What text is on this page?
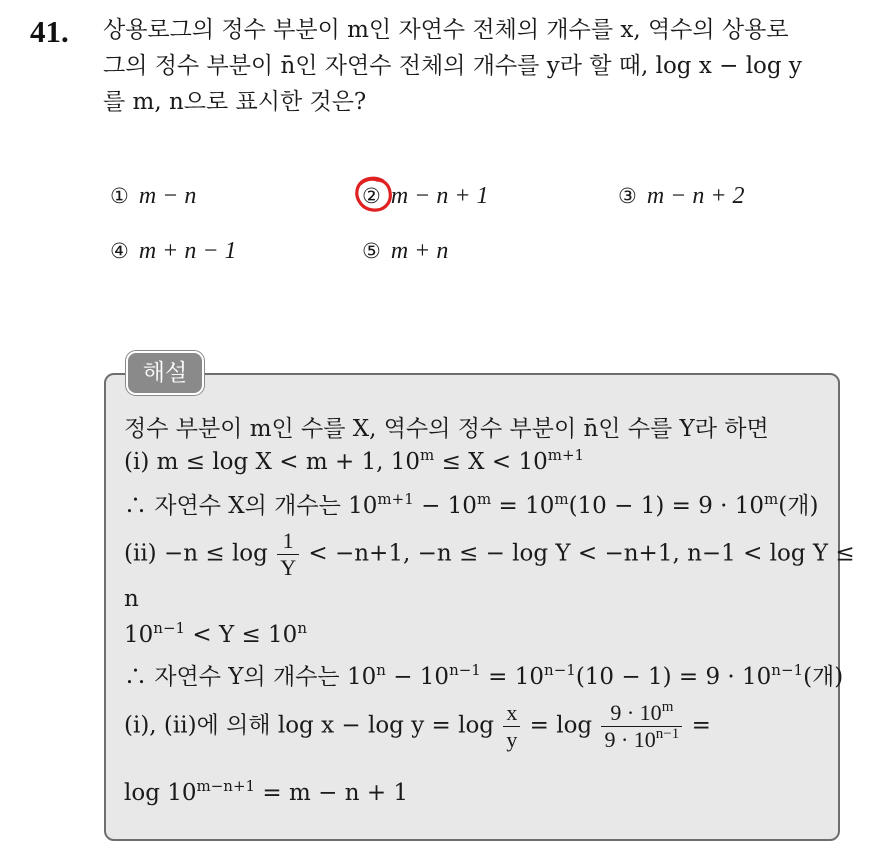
41. 상용로그의 정수 부분이 m인 자연수 전체의 개수를 x, 역수의 상용로
그의 정수 부분이 n̄인 자연수 전체의 개수를 y라 할 때, log x − log y
를 m, n으로 표시한 것은?
① m − n	② m − n + 1	③ m − n + 2
④ m + n − 1	⑤ m + n
해설
정수 부분이 m인 수를 X, 역수의 정수 부분이 n̄인 수를 Y라 하면
(i) m ≤ log X < m + 1, $10^m \le X < 10^{m+1}$
∴ 자연수 X의 개수는 $10^{m+1} - 10^m = 10^m(10 - 1) = 9 \cdot 10^m$(개)
$(ii) -n \le \log \frac{1}{Y} < -n+1$, −n ≤ − log Y < −n+1, n−1 < log Y ≤
n
$10^{n-1} < Y \le 10^n$
∴ 자연수 Y의 개수는 $10^n - 10^{n-1} = 10^{n-1}(10 - 1) = 9 \cdot 10^{n-1}$(개)
(i), (ii)에 의해 $\log x - \log y = \log \frac{x}{y} = \log \frac{9 \cdot 10^m}{9 \cdot 10^{n-1}}$ =
$\log 10^{m-n+1} = m - n + 1$
